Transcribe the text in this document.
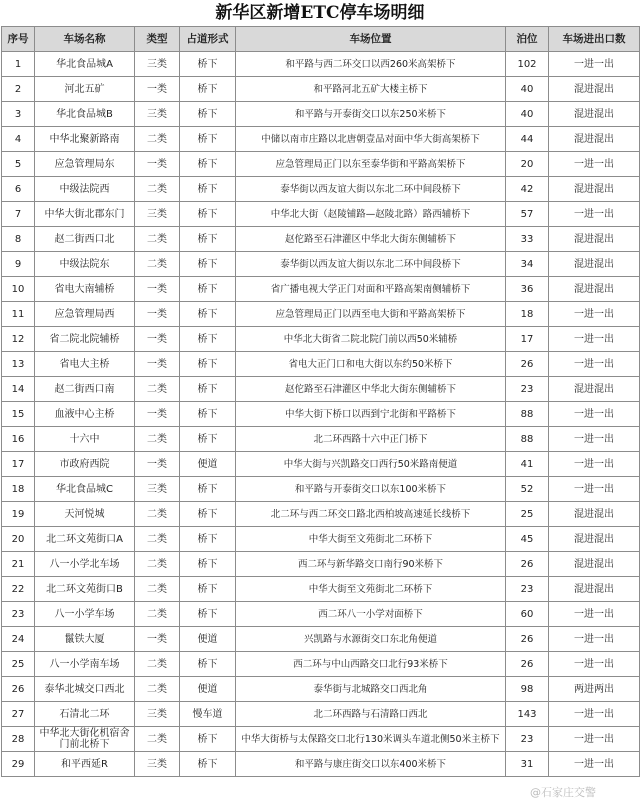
新华区新增ETC停车场明细
序号	车场名称	类型	占道形式	车场位置	泊位	车场进出口数
1	华北食品城A	三类	桥下	和平路与西二环交口以西260米高架桥下	102	一进一出
2	河北五矿	一类	桥下	和平路河北五矿大楼主桥下	40	混进混出
3	华北食品城B	三类	桥下	和平路与开泰街交口以东250米桥下	40	混进混出
4	中华北聚新路南	二类	桥下	中储以南市庄路以北唐朝壹品对面中华大街高架桥下	44	混进混出
5	应急管理局东	一类	桥下	应急管理局正门以东至泰华街和平路高架桥下	20	一进一出
6	中级法院西	二类	桥下	泰华街以西友谊大街以东北二环中间段桥下	42	混进混出
7	中华大街北郡东门	三类	桥下	中华北大街（赵陵铺路—赵陵北路）路西辅桥下	57	一进一出
8	赵二街西口北	二类	桥下	赵佗路至石津灌区中华北大街东侧辅桥下	33	混进混出
9	中级法院东	二类	桥下	泰华街以西友谊大街以东北二环中间段桥下	34	混进混出
10	省电大南辅桥	一类	桥下	省广播电视大学正门对面和平路高架南侧辅桥下	36	混进混出
11	应急管理局西	一类	桥下	应急管理局正门以西至电大街和平路高架桥下	18	一进一出
12	省二院北院辅桥	一类	桥下	中华北大街省二院北院门前以西50米辅桥	17	一进一出
13	省电大主桥	一类	桥下	省电大正门口和电大街以东约50米桥下	26	一进一出
14	赵二街西口南	二类	桥下	赵佗路至石津灌区中华北大街东侧辅桥下	23	混进混出
15	血液中心主桥	一类	桥下	中华大街下桥口以西到宁北街和平路桥下	88	一进一出
16	十六中	二类	桥下	北二环西路十六中正门桥下	88	一进一出
17	市政府西院	一类	便道	中华大街与兴凯路交口西行50米路南便道	41	一进一出
18	华北食品城C	三类	桥下	和平路与开泰街交口以东100米桥下	52	一进一出
19	天河悦城	二类	桥下	北二环与西二环交口路北西柏坡高速延长线桥下	25	混进混出
20	北二环文苑街口A	二类	桥下	中华大街至文苑街北二环桥下	45	混进混出
21	八一小学北车场	二类	桥下	西二环与新华路交口南行90米桥下	26	混进混出
22	北二环文苑街口B	二类	桥下	中华大街至文苑街北二环桥下	23	混进混出
23	八一小学车场	二类	桥下	西二环八一小学对面桥下	60	一进一出
24	鬣铁大厦	一类	便道	兴凯路与水源街交口东北角便道	26	一进一出
25	八一小学南车场	二类	桥下	西二环与中山西路交口北行93米桥下	26	一进一出
26	泰华北城交口西北	二类	便道	泰华街与北城路交口西北角	98	两进两出
27	石清北二环	三类	慢车道	北二环西路与石清路口西北	143	一进一出
28	中华北大街化机宿舍门前北桥下	二类	桥下	中华大街桥与太保路交口北行130米调头车道北侧50米主桥下	23	一进一出
29	和平西延R	三类	桥下	和平路与康庄街交口以东400米桥下	31	一进一出
@石家庄交警
